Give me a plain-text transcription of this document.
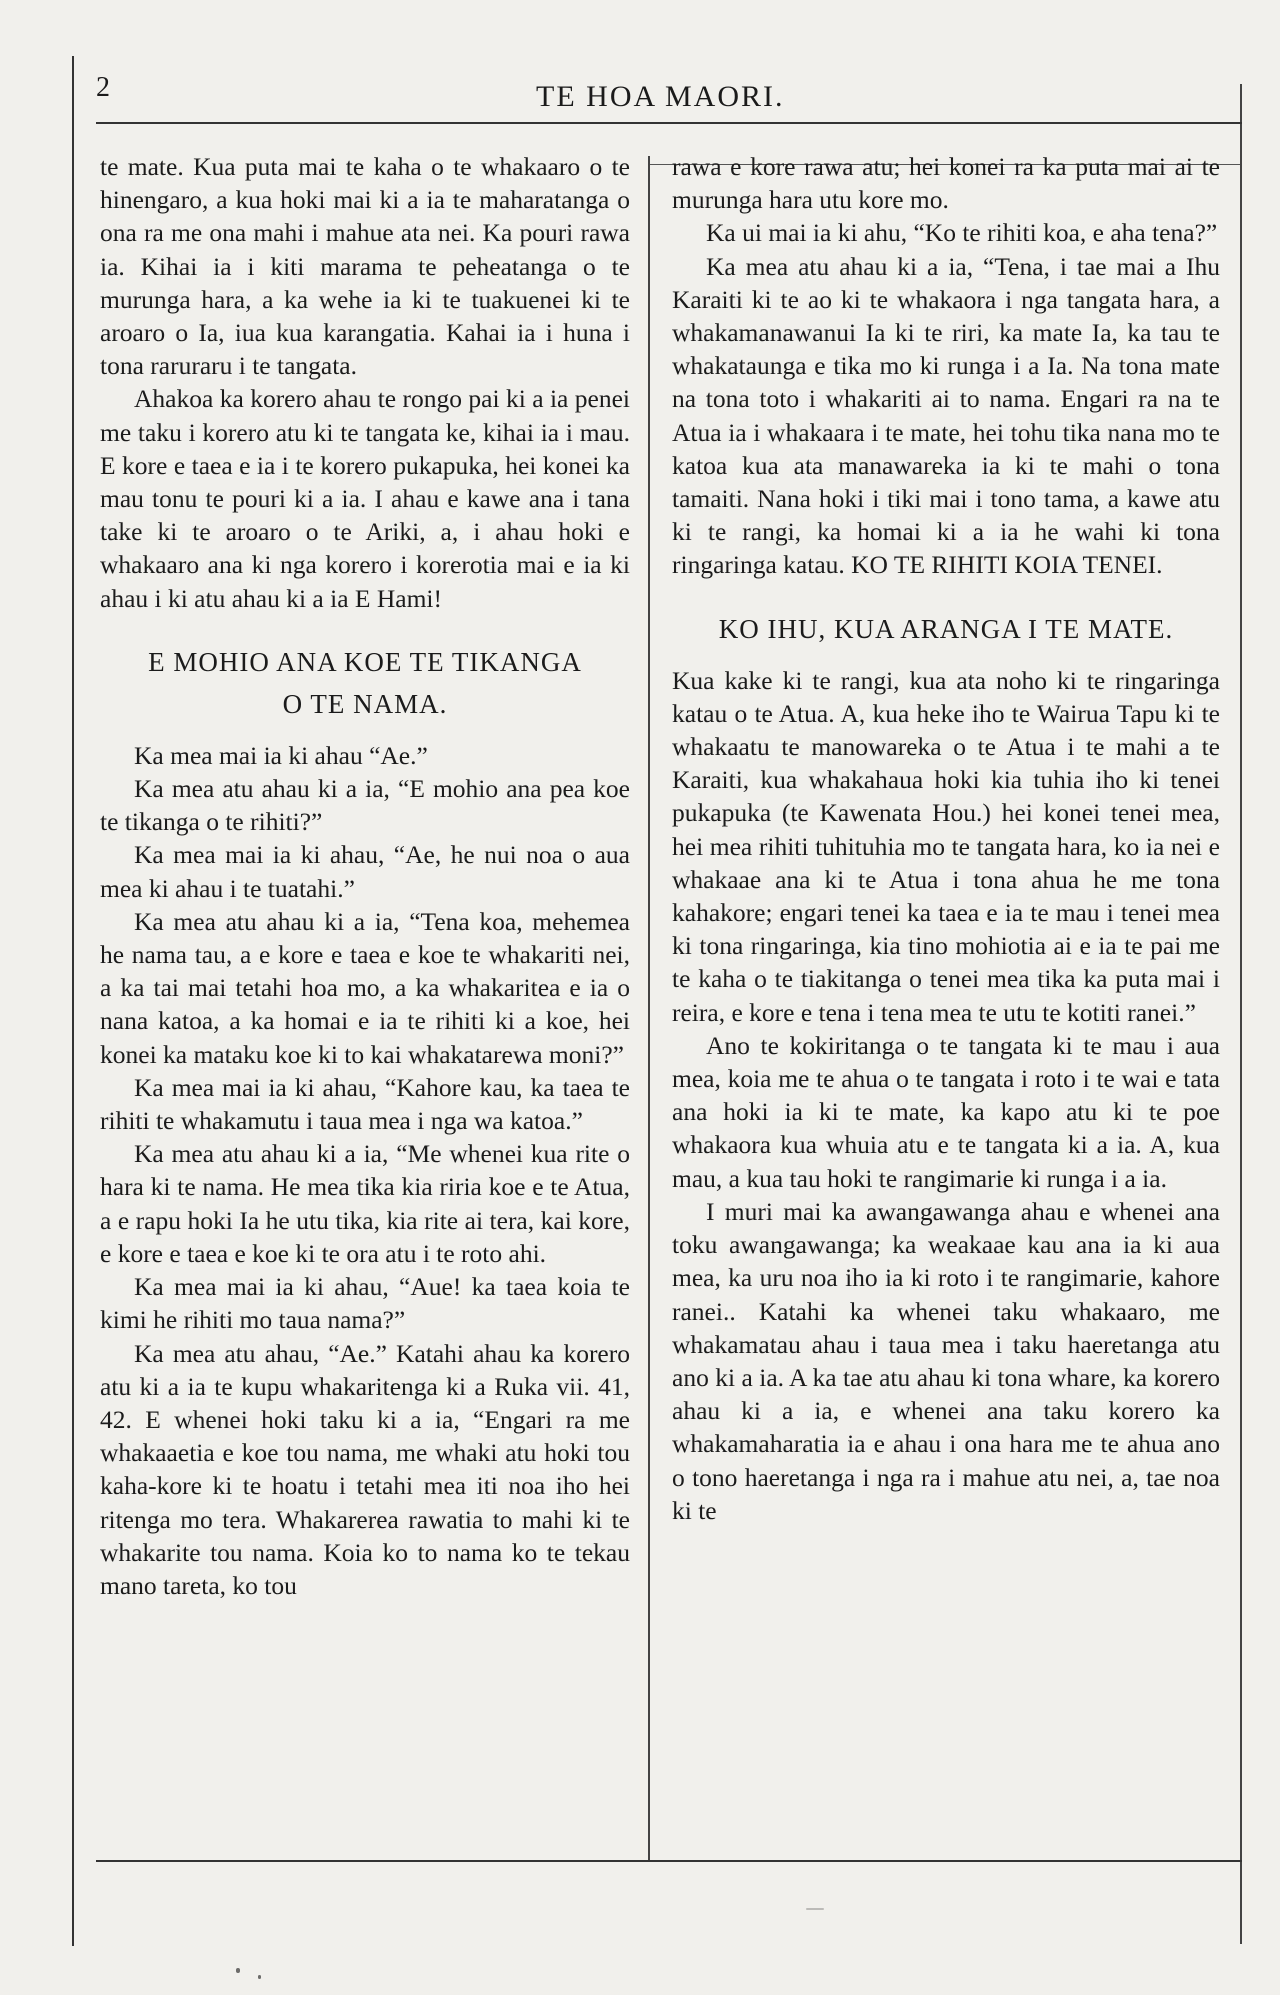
2	TE HOA MAORI.

te mate. Kua puta mai te kaha o te whakaaro o te hinengaro, a kua hoki mai ki a ia te maharatanga o ona ra me ona mahi i mahue ata nei. Ka pouri rawa ia. Kihai ia i kiti marama te peheatanga o te murunga hara, a ka wehe ia ki te tuakuenei ki te aroaro o Ia, iua kua karangatia. Kahai ia i huna i tona raruraru i te tangata.

Ahakoa ka korero ahau te rongo pai ki a ia penei me taku i korero atu ki te tangata ke, kihai ia i mau. E kore e taea e ia i te korero pukapuka, hei konei ka mau tonu te pouri ki a ia. I ahau e kawe ana i tana take ki te aroaro o te Ariki, a, i ahau hoki e whakaaro ana ki nga korero i korerotia mai e ia ki ahau i ki atu ahau ki a ia E Hami!

E MOHIO ANA KOE TE TIKANGA
O TE NAMA.

Ka mea mai ia ki ahau “Ae.”

Ka mea atu ahau ki a ia, “E mohio ana pea koe te tikanga o te rihiti?”

Ka mea mai ia ki ahau, “Ae, he nui noa o aua mea ki ahau i te tuatahi.”

Ka mea atu ahau ki a ia, “Tena koa, mehemea he nama tau, a e kore e taea e koe te whakariti nei, a ka tai mai tetahi hoa mo, a ka whakaritea e ia o nana katoa, a ka homai e ia te rihiti ki a koe, hei konei ka mataku koe ki to kai whakatarewa moni?”

Ka mea mai ia ki ahau, “Kahore kau, ka taea te rihiti te whakamutu i taua mea i nga wa katoa.”

Ka mea atu ahau ki a ia, “Me whenei kua rite o hara ki te nama. He mea tika kia riria koe e te Atua, a e rapu hoki Ia he utu tika, kia rite ai tera, kai kore, e kore e taea e koe ki te ora atu i te roto ahi.

Ka mea mai ia ki ahau, “Aue! ka taea koia te kimi he rihiti mo taua nama?”

Ka mea atu ahau, “Ae.” Katahi ahau ka korero atu ki a ia te kupu whakaritenga ki a Ruka vii. 41, 42. E whenei hoki taku ki a ia, “Engari ra me whakaaetia e koe tou nama, me whaki atu hoki tou kaha-kore ki te hoatu i tetahi mea iti noa iho hei ritenga mo tera. Whakarerea rawatia to mahi ki te whakarite tou nama. Koia ko to nama ko te tekau mano tareta, ko tou

rawa e kore rawa atu; hei konei ra ka puta mai ai te murunga hara utu kore mo.

Ka ui mai ia ki ahu, “Ko te rihiti koa, e aha tena?”

Ka mea atu ahau ki a ia, “Tena, i tae mai a Ihu Karaiti ki te ao ki te whakaora i nga tangata hara, a whakamanawanui Ia ki te riri, ka mate Ia, ka tau te whakataunga e tika mo ki runga i a Ia. Na tona mate na tona toto i whakariti ai to nama. Engari ra na te Atua ia i whakaara i te mate, hei tohu tika nana mo te katoa kua ata manawareka ia ki te mahi o tona tamaiti. Nana hoki i tiki mai i tono tama, a kawe atu ki te rangi, ka homai ki a ia he wahi ki tona ringaringa katau. KO TE RIHITI KOIA TENEI.

KO IHU, KUA ARANGA I TE MATE.

Kua kake ki te rangi, kua ata noho ki te ringaringa katau o te Atua. A, kua heke iho te Wairua Tapu ki te whakaatu te manowareka o te Atua i te mahi a te Karaiti, kua whakahaua hoki kia tuhia iho ki tenei pukapuka (te Kawenata Hou.) hei konei tenei mea, hei mea rihiti tuhituhia mo te tangata hara, ko ia nei e whakaae ana ki te Atua i tona ahua he me tona kahakore; engari tenei ka taea e ia te mau i tenei mea ki tona ringaringa, kia tino mohiotia ai e ia te pai me te kaha o te tiakitanga o tenei mea tika ka puta mai i reira, e kore e tena i tena mea te utu te kotiti ranei.”

Ano te kokiritanga o te tangata ki te mau i aua mea, koia me te ahua o te tangata i roto i te wai e tata ana hoki ia ki te mate, ka kapo atu ki te poe whakaora kua whuia atu e te tangata ki a ia. A, kua mau, a kua tau hoki te rangimarie ki runga i a ia.

I muri mai ka awangawanga ahau e whenei ana toku awangawanga; ka weakaae kau ana ia ki aua mea, ka uru noa iho ia ki roto i te rangimarie, kahore ranei.. Katahi ka whenei taku whakaaro, me whakamatau ahau i taua mea i taku haeretanga atu ano ki a ia. A ka tae atu ahau ki tona whare, ka korero ahau ki a ia, e whenei ana taku korero ka whakamaharatia ia e ahau i ona hara me te ahua ano o tono haeretanga i nga ra i mahue atu nei, a, tae noa ki te
